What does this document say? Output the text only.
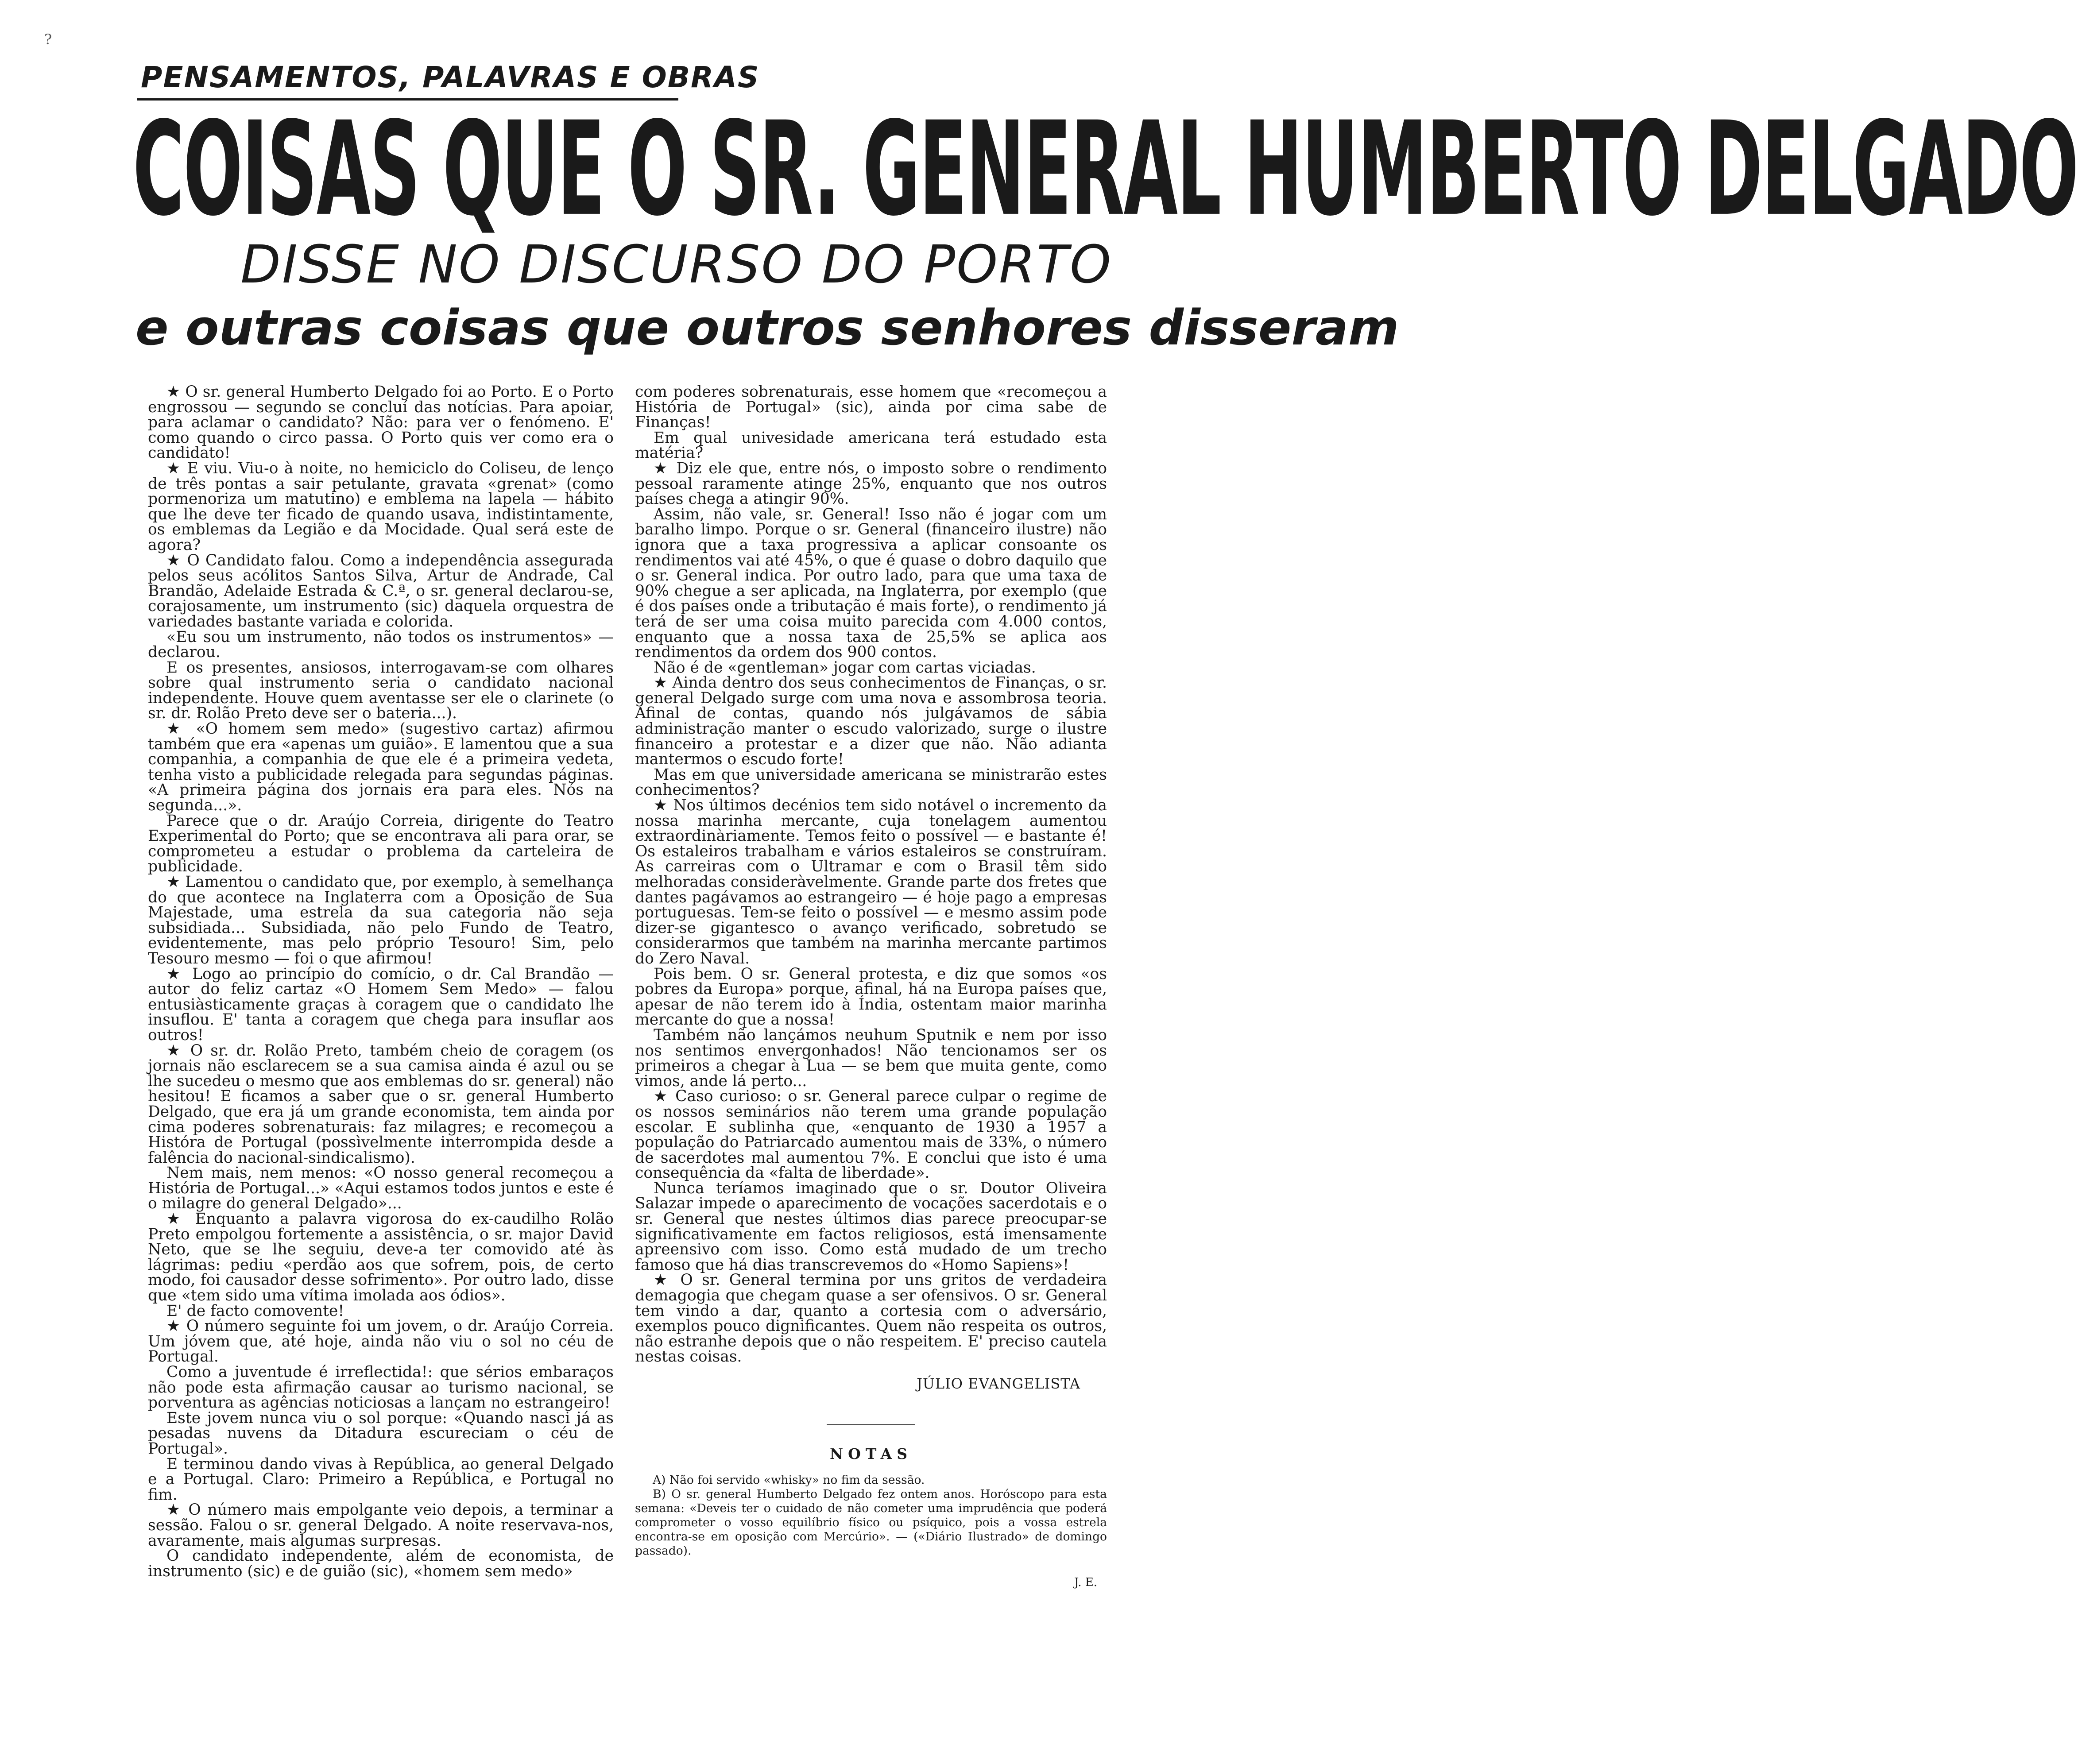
?
PENSAMENTOS, PALAVRAS E OBRAS
COISAS QUE O SR. GENERAL HUMBERTO DELGADO
DISSE NO DISCURSO DO PORTO
e outras coisas que outros senhores disseram

★ O sr. general Humberto Delgado foi ao Porto. E o Porto engrossou — segundo se concluí das notícias. Para apoiar, para aclamar o candidato? Não: para ver o fenómeno. E' como quando o circo passa. O Porto quis ver como era o candidato!

★ E viu. Viu-o à noite, no hemiciclo do Coliseu, de lenço de três pontas a sair petulante, gravata «grenat» (como pormenoriza um matutino) e emblema na lapela — hábito que lhe deve ter ficado de quando usava, indistintamente, os emblemas da Legião e da Mocidade. Qual será este de agora?

★ O Candidato falou. Como a independência assegurada pelos seus acólitos Santos Silva, Artur de Andrade, Cal Brandão, Adelaide Estrada & C.ª, o sr. general declarou-se, corajosamente, um instrumento (sic) daquela orquestra de variedades bastante variada e colorida.

«Eu sou um instrumento, não todos os instrumentos» — declarou.

E os presentes, ansiosos, interrogavam-se com olhares sobre qual instrumento seria o candidato nacional independente. Houve quem aventasse ser ele o clarinete (o sr. dr. Rolão Preto deve ser o bateria...).

★ «O homem sem medo» (sugestivo cartaz) afirmou também que era «apenas um guião». E lamentou que a sua companhia, a companhia de que ele é a primeira vedeta, tenha visto a publicidade relegada para segundas páginas. «A primeira página dos jornais era para eles. Nós na segunda...».

Parece que o dr. Araújo Correia, dirigente do Teatro Experimental do Porto; que se encontrava ali para orar, se comprometeu a estudar o problema da carteleira de publicidade.

★ Lamentou o candidato que, por exemplo, à semelhança do que acontece na Inglaterra com a Oposição de Sua Majestade, uma estrela da sua categoria não seja subsidiada... Subsidiada, não pelo Fundo de Teatro, evidentemente, mas pelo próprio Tesouro! Sim, pelo Tesouro mesmo — foi o que afirmou!

★ Logo ao princípio do comício, o dr. Cal Brandão — autor do feliz cartaz «O Homem Sem Medo» — falou entusiàsticamente graças à coragem que o candidato lhe insuflou. E' tanta a coragem que chega para insuflar aos outros!

★ O sr. dr. Rolão Preto, também cheio de coragem (os jornais não esclarecem se a sua camisa ainda é azul ou se lhe sucedeu o mesmo que aos emblemas do sr. general) não hesitou! E ficamos a saber que o sr. general Humberto Delgado, que era já um grande economista, tem ainda por cima poderes sobrenaturais: faz milagres; e recomeçou a Histórа de Portugal (possìvelmente interrompida desde a falência do nacional-sindicalismo).

Nem mais, nem menos: «O nosso general recomeçou a História de Portugal...» «Aqui estamos todos juntos e este é o milagre do general Delgado»...

★ Enquanto a palavra vigorosa do ex-caudilho Rolão Preto empolgou fortemente a assistência, o sr. major David Neto, que se lhe seguiu, deve-a ter comovido até às lágrimas: pediu «perdão aos que sofrem, pois, de certo modo, foi causador desse sofrimento». Por outro lado, disse que «tem sido uma vítima imolada aos ódios».

E' de facto comovente!

★ O número seguinte foi um jovem, o dr. Araújo Correia. Um jóvem que, até hoje, ainda não viu o sol no céu de Portugal.

Como a juventude é irreflectida!: que sérios embaraços não pode esta afirmação causar ao turismo nacional, se porventura as agências noticiosas a lançam no estrangeiro!

Este jovem nunca viu o sol porque: «Quando nasci já as pesadas nuvens da Ditadura escureciam o céu de Portugal».

E terminou dando vivas à República, ao general Delgado e a Portugal. Claro: Primeiro a República, e Portugal no fim.

★ O número mais empolgante veio depois, a terminar a sessão. Falou o sr. general Delgado. A noite reservava-nos, avaramente, mais algumas surpresas.

O candidato independente, além de economista, de instrumento (sic) e de guião (sic), «homem sem medo»

com poderes sobrenaturais, esse homem que «recomeçou a História de Portugal» (sic), ainda por cima sabe de Finanças!

Em qual univesidade americana terá estudado esta matéria?

★ Diz ele que, entre nós, o imposto sobre o rendimento pessoal raramente atinge 25%, enquanto que nos outros países chega a atingir 90%.

Assim, não vale, sr. General! Isso não é jogar com um baralho limpo. Porque o sr. General (financeiro ilustre) não ignora que a taxa progressiva a aplicar consoante os rendimentos vai até 45%, o que é quase o dobro daquilo que o sr. General indica. Por outro lado, para que uma taxa de 90% chegue a ser aplicada, na Inglaterra, por exemplo (que é dos países onde a tributação é mais forte), o rendimento já terá de ser uma coisa muito parecida com 4.000 contos, enquanto que a nossa taxa de 25,5% se aplica aos rendimentos da ordem dos 900 contos.

Não é de «gentleman» jogar com cartas viciadas.

★ Ainda dentro dos seus conhecimentos de Finanças, o sr. general Delgado surge com uma nova e assombrosa teoria. Afinal de contas, quando nós julgávamos de sábia administração manter o escudo valorizado, surge o ilustre financeiro a protestar e a dizer que não. Não adianta mantermos o escudo forte!

Mas em que universidade americana se ministrarão estes conhecimentos?

★ Nos últimos decénios tem sido notável o incremento da nossa marinha mercante, cuja tonelagem aumentou extraordinàriamente. Temos feito o possível — e bastante é! Os estaleiros trabalham e vários estaleiros se construíram. As carreiras com o Ultramar e com o Brasil têm sido melhoradas consideràvelmente. Grande parte dos fretes que dantes pagávamos ao estrangeiro — é hoje pago a empresas portuguesas. Tem-se feito o possível — e mesmo assim pode dizer-se gigantesco o avanço verificado, sobretudo se considerarmos que também na marinha mercante partimos do Zero Naval.

Pois bem. O sr. General protesta, e diz que somos «os pobres da Europa» porque, afinal, há na Europa países que, apesar de não terem ido à Índia, ostentam maior marinha mercante do que a nossa!

Também não lançámos neuhum Sputnik e nem por isso nos sentimos envergonhados! Não tencionamos ser os primeiros a chegar à Lua — se bem que muita gente, como vimos, ande lá perto...

★ Caso curioso: o sr. General parece culpar o regime de os nossos seminários não terem uma grande população escolar. E sublinha que, «enquanto de 1930 a 1957 a população do Patriarcado aumentou mais de 33%, o número de sacerdotes mal aumentou 7%. E conclui que isto é uma consequência da «falta de liberdade».

Nunca teríamos imaginado que o sr. Doutor Oliveira Salazar impede o aparecimento de vocações sacerdotais e o sr. General que nestes últimos dias parece preocupar-se significativamente em factos religiosos, está imensamente apreensivo com isso. Como está mudado de um trecho famoso que há dias transcrevemos do «Homo Sapiens»!

★ O sr. General termina por uns gritos de verdadeira demagogia que chegam quase a ser ofensivos. O sr. General tem vindo a dar, quanto a cortesia com o adversário, exemplos pouco dignificantes. Quem não respeita os outros, não estranhe depois que o não respeitem. E' preciso cautela nestas coisas.

JÚLIO EVANGELISTA
NOTAS

A) Não foi servido «whisky» no fim da sessão.

B) O sr. general Humberto Delgado fez ontem anos. Horóscopo para esta semana: «Deveis ter o cuidado de não cometer uma imprudência que poderá comprometer o vosso equilíbrio físico ou psíquico, pois a vossa estrela encontra-se em oposição com Mercúrio». — («Diário Ilustrado» de domingo passado).

J. E.
